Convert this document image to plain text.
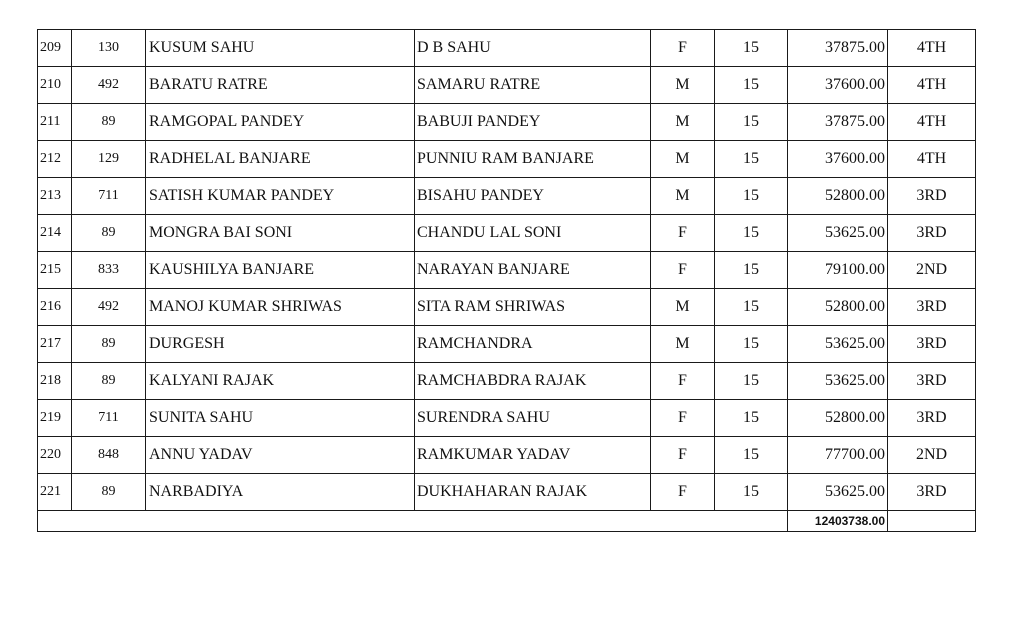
209	130	KUSUM SAHU	D B SAHU	F	15	37875.00	4TH
210	492	BARATU RATRE	SAMARU RATRE	M	15	37600.00	4TH
211	89	RAMGOPAL PANDEY	BABUJI PANDEY	M	15	37875.00	4TH
212	129	RADHELAL BANJARE	PUNNIU RAM BANJARE	M	15	37600.00	4TH
213	711	SATISH KUMAR PANDEY	BISAHU PANDEY	M	15	52800.00	3RD
214	89	MONGRA BAI SONI	CHANDU LAL SONI	F	15	53625.00	3RD
215	833	KAUSHILYA BANJARE	NARAYAN BANJARE	F	15	79100.00	2ND
216	492	MANOJ KUMAR SHRIWAS	SITA RAM SHRIWAS	M	15	52800.00	3RD
217	89	DURGESH	RAMCHANDRA	M	15	53625.00	3RD
218	89	KALYANI RAJAK	RAMCHABDRA RAJAK	F	15	53625.00	3RD
219	711	SUNITA SAHU	SURENDRA SAHU	F	15	52800.00	3RD
220	848	ANNU YADAV	RAMKUMAR YADAV	F	15	77700.00	2ND
221	89	NARBADIYA	DUKHAHARAN RAJAK	F	15	53625.00	3RD
						12403738.00	
